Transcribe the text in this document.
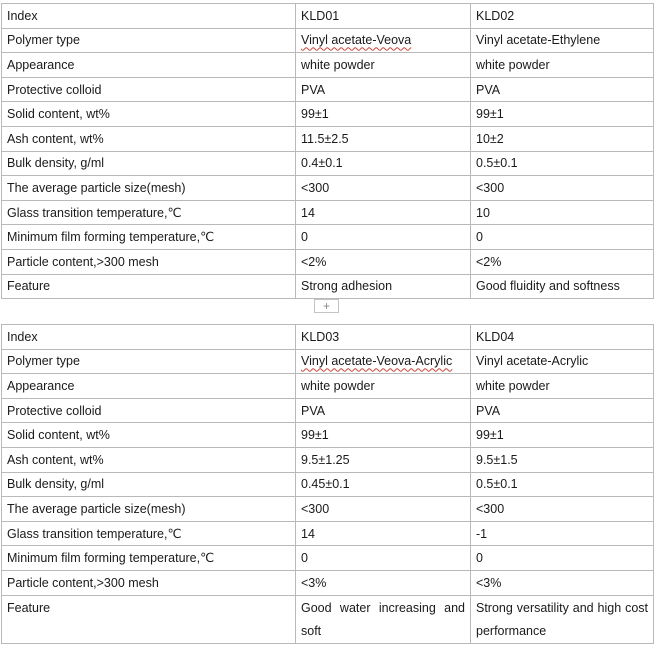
Index	KLD01	KLD02
Polymer type	Vinyl acetate-Veova	Vinyl acetate-Ethylene
Appearance	white powder	white powder
Protective colloid	PVA	PVA
Solid content, wt%	99±1	99±1
Ash content, wt%	11.5±2.5	10±2
Bulk density, g/ml	0.4±0.1	0.5±0.1
The average particle size(mesh)	<300	<300
Glass transition temperature,℃	14	10
Minimum film forming temperature,℃	0	0
Particle content,>300 mesh	<2%	<2%
Feature	Strong adhesion	Good fluidity and softness
+
Index	KLD03	KLD04
Polymer type	Vinyl acetate-Veova-Acrylic	Vinyl acetate-Acrylic
Appearance	white powder	white powder
Protective colloid	PVA	PVA
Solid content, wt%	99±1	99±1
Ash content, wt%	9.5±1.25	9.5±1.5
Bulk density, g/ml	0.45±0.1	0.5±0.1
The average particle size(mesh)	<300	<300
Glass transition temperature,℃	14	-1
Minimum film forming temperature,℃	0	0
Particle content,>300 mesh	<3%	<3%
Feature	Good water increasing and soft	Strong versatility and high cost performance
